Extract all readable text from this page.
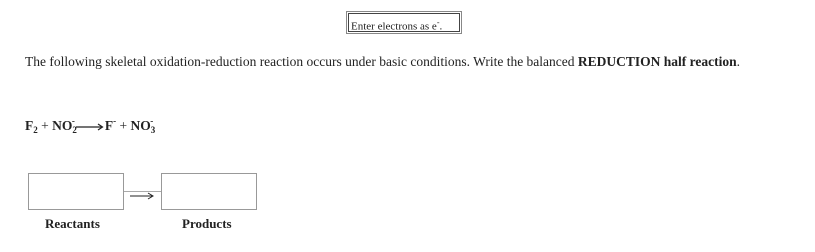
Enter electrons as e-.
The following skeletal oxidation-reduction reaction occurs under basic conditions. Write the balanced REDUCTION half reaction.
$F_2 + NO_2^-$ $F^- + NO_3^-$
Reactants	Products
